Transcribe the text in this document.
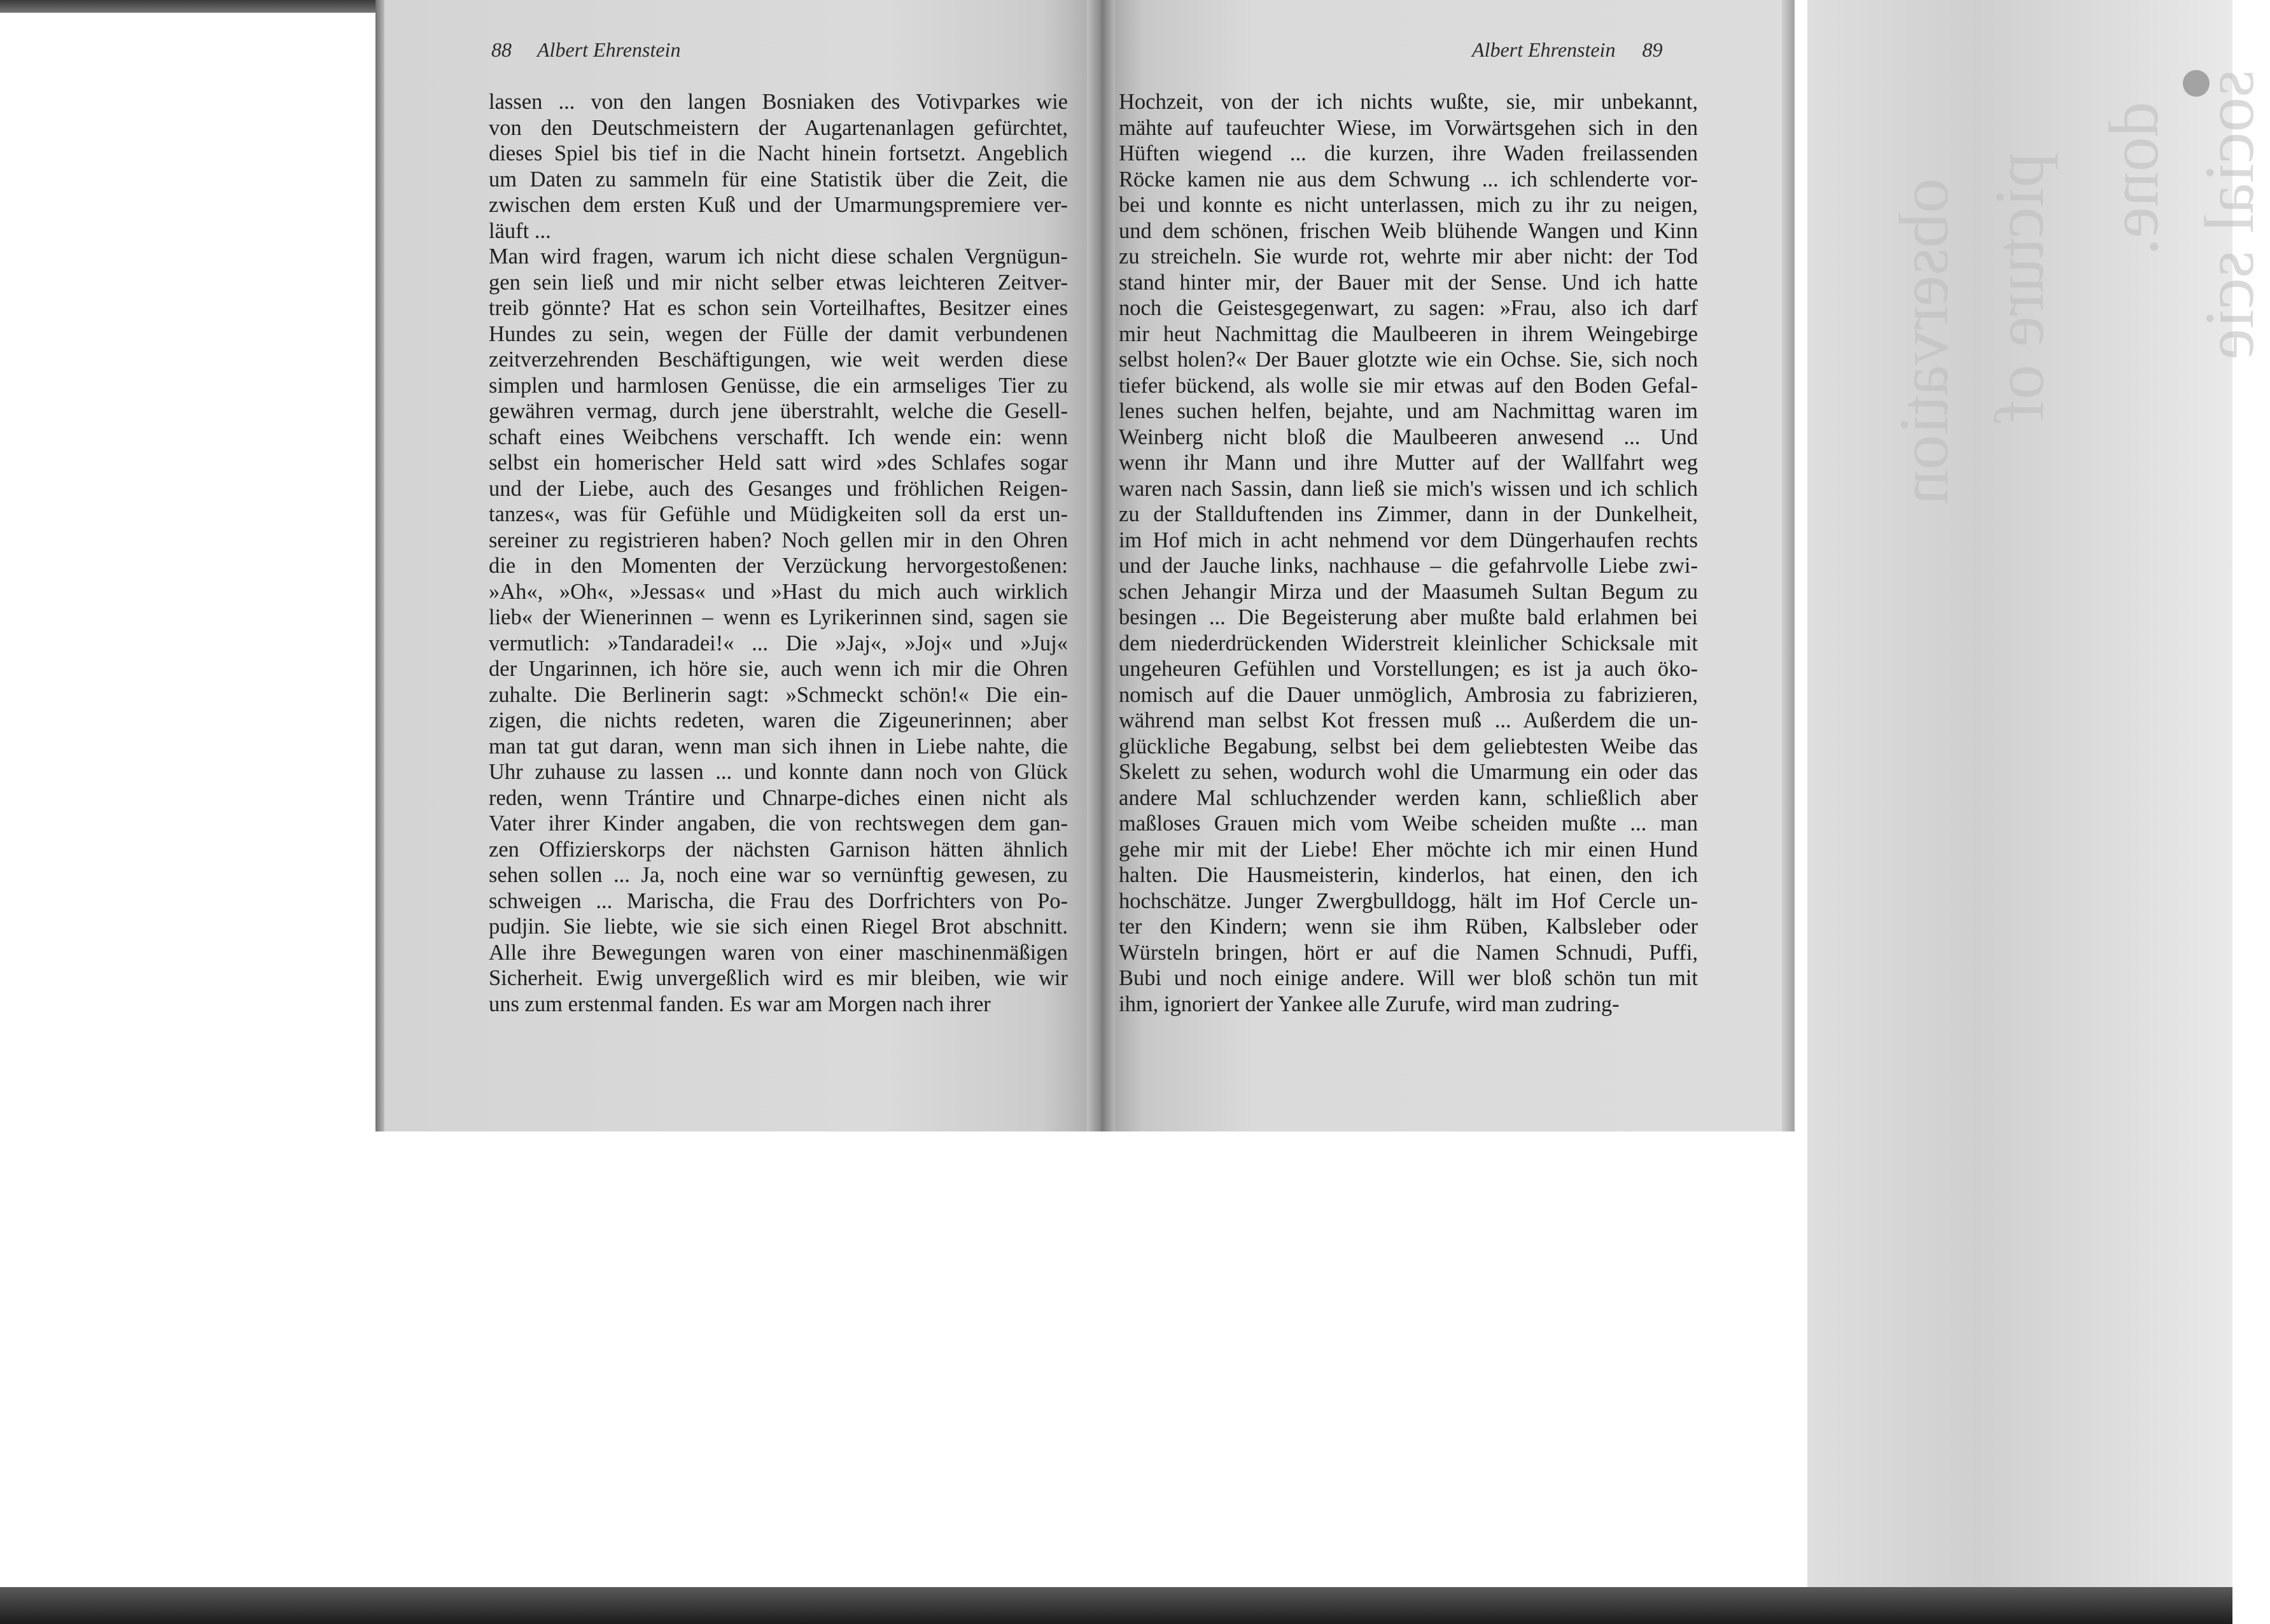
social scie
done.
picture of
observation
88 Albert Ehrenstein
lassen ... von den langen Bosniaken des Votivparkes wie
von den Deutschmeistern der Augartenanlagen gefürchtet,
dieses Spiel bis tief in die Nacht hinein fortsetzt. Angeblich
um Daten zu sammeln für eine Statistik über die Zeit, die
zwischen dem ersten Kuß und der Umarmungspremiere ver-
läuft ...
Man wird fragen, warum ich nicht diese schalen Vergnügun-
gen sein ließ und mir nicht selber etwas leichteren Zeitver-
treib gönnte? Hat es schon sein Vorteilhaftes, Besitzer eines
Hundes zu sein, wegen der Fülle der damit verbundenen
zeitverzehrenden Beschäftigungen, wie weit werden diese
simplen und harmlosen Genüsse, die ein armseliges Tier zu
gewähren vermag, durch jene überstrahlt, welche die Gesell-
schaft eines Weibchens verschafft. Ich wende ein: wenn
selbst ein homerischer Held satt wird »des Schlafes sogar
und der Liebe, auch des Gesanges und fröhlichen Reigen-
tanzes«, was für Gefühle und Müdigkeiten soll da erst un-
sereiner zu registrieren haben? Noch gellen mir in den Ohren
die in den Momenten der Verzückung hervorgestoßenen:
»Ah«, »Oh«, »Jessas« und »Hast du mich auch wirklich
lieb« der Wienerinnen – wenn es Lyrikerinnen sind, sagen sie
vermutlich: »Tandaradei!« ... Die »Jaj«, »Joj« und »Juj«
der Ungarinnen, ich höre sie, auch wenn ich mir die Ohren
zuhalte. Die Berlinerin sagt: »Schmeckt schön!« Die ein-
zigen, die nichts redeten, waren die Zigeunerinnen; aber
man tat gut daran, wenn man sich ihnen in Liebe nahte, die
Uhr zuhause zu lassen ... und konnte dann noch von Glück
reden, wenn Trántire und Chnarpe-diches einen nicht als
Vater ihrer Kinder angaben, die von rechtswegen dem gan-
zen Offizierskorps der nächsten Garnison hätten ähnlich
sehen sollen ... Ja, noch eine war so vernünftig gewesen, zu
schweigen ... Marischa, die Frau des Dorfrichters von Po-
pudjin. Sie liebte, wie sie sich einen Riegel Brot abschnitt.
Alle ihre Bewegungen waren von einer maschinenmäßigen
Sicherheit. Ewig unvergeßlich wird es mir bleiben, wie wir
uns zum erstenmal fanden. Es war am Morgen nach ihrer
Albert Ehrenstein 89
Hochzeit, von der ich nichts wußte, sie, mir unbekannt,
mähte auf taufeuchter Wiese, im Vorwärtsgehen sich in den
Hüften wiegend ... die kurzen, ihre Waden freilassenden
Röcke kamen nie aus dem Schwung ... ich schlenderte vor-
bei und konnte es nicht unterlassen, mich zu ihr zu neigen,
und dem schönen, frischen Weib blühende Wangen und Kinn
zu streicheln. Sie wurde rot, wehrte mir aber nicht: der Tod
stand hinter mir, der Bauer mit der Sense. Und ich hatte
noch die Geistesgegenwart, zu sagen: »Frau, also ich darf
mir heut Nachmittag die Maulbeeren in ihrem Weingebirge
selbst holen?« Der Bauer glotzte wie ein Ochse. Sie, sich noch
tiefer bückend, als wolle sie mir etwas auf den Boden Gefal-
lenes suchen helfen, bejahte, und am Nachmittag waren im
Weinberg nicht bloß die Maulbeeren anwesend ... Und
wenn ihr Mann und ihre Mutter auf der Wallfahrt weg
waren nach Sassin, dann ließ sie mich's wissen und ich schlich
zu der Stallduftenden ins Zimmer, dann in der Dunkelheit,
im Hof mich in acht nehmend vor dem Düngerhaufen rechts
und der Jauche links, nachhause – die gefahrvolle Liebe zwi-
schen Jehangir Mirza und der Maasumeh Sultan Begum zu
besingen ... Die Begeisterung aber mußte bald erlahmen bei
dem niederdrückenden Widerstreit kleinlicher Schicksale mit
ungeheuren Gefühlen und Vorstellungen; es ist ja auch öko-
nomisch auf die Dauer unmöglich, Ambrosia zu fabrizieren,
während man selbst Kot fressen muß ... Außerdem die un-
glückliche Begabung, selbst bei dem geliebtesten Weibe das
Skelett zu sehen, wodurch wohl die Umarmung ein oder das
andere Mal schluchzender werden kann, schließlich aber
maßloses Grauen mich vom Weibe scheiden mußte ... man
gehe mir mit der Liebe! Eher möchte ich mir einen Hund
halten. Die Hausmeisterin, kinderlos, hat einen, den ich
hochschätze. Junger Zwergbulldogg, hält im Hof Cercle un-
ter den Kindern; wenn sie ihm Rüben, Kalbsleber oder
Würsteln bringen, hört er auf die Namen Schnudi, Puffi,
Bubi und noch einige andere. Will wer bloß schön tun mit
ihm, ignoriert der Yankee alle Zurufe, wird man zudring-
